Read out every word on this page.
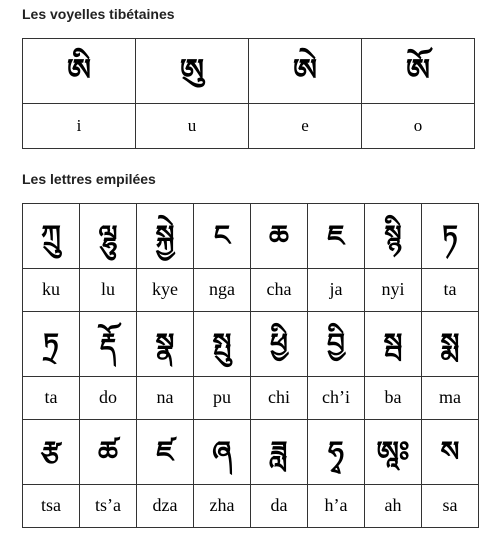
Les voyelles tibétaines
ཨི	ཨུ	ཨེ	ཨོ
i	u	e	o
Les lettres empilées
ཀྲུ	ལྷུ	སྐྱེ	ང	ཆ	ཇ	སྙི	ཏ
ku	lu	kye	nga	cha	ja	nyi	ta
ཏྲ	རྡོ	སྣ	སྤུ	ཕྱི	བྱི	སྦ	སྨ
ta	do	na	pu	chi	ch’i	ba	ma
རྩ	ཚ	ཛ	ཞ	ཟླ	ཧྭ	ཨཱཿ	ས
tsa	ts’a	dza	zha	da	h’a	ah	sa
